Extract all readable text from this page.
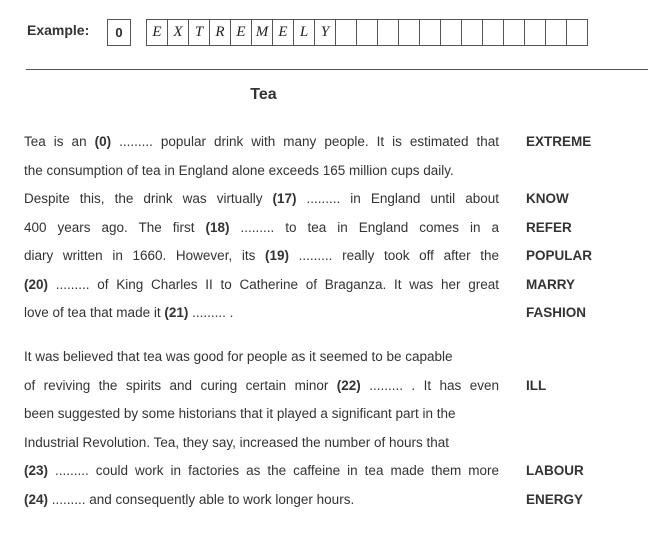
Example:	0	E X T R E M E L Y
Tea
Tea is an (0) ......... popular drink with many people. It is estimated that EXTREME
the consumption of tea in England alone exceeds 165 million cups daily.
Despite this, the drink was virtually (17) ......... in England until about KNOW
400 years ago. The first (18) ......... to tea in England comes in a REFER
diary written in 1660. However, its (19) ......... really took off after the POPULAR
(20) ......... of King Charles II to Catherine of Braganza. It was her great MARRY
love of tea that made it (21) ......... .	FASHION
It was believed that tea was good for people as it seemed to be capable
of reviving the spirits and curing certain minor (22) ......... . It has even ILL
been suggested by some historians that it played a significant part in the
Industrial Revolution. Tea, they say, increased the number of hours that
(23) ......... could work in factories as the caffeine in tea made them more LABOUR
(24) ......... and consequently able to work longer hours.	ENERGY
